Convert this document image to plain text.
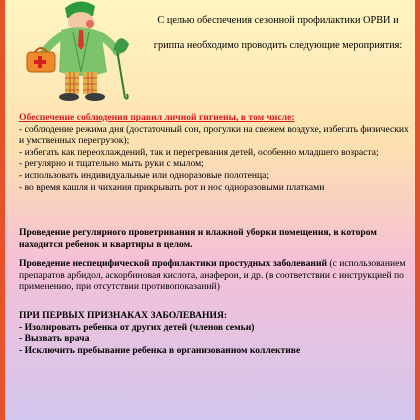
С целью обеспечения сезонной профилактики ОРВИ и

гриппа необходимо проводить следующие мероприятия:

Обеспечение соблюдения правил личной гигиены, в том числе:
- соблюдение режима дня (достаточный сон, прогулки на свежем воздухе, избегать физических и умственных перегрузок);
- избегать как переохлаждений, так и перегревания детей, особенно младшего возраста;
- регулярно и тщательно мыть руки с мылом;
- использовать индивидуальные или одноразовые полотенца;
- во время кашля и чихания прикрывать рот и нос одноразовыми платками
Проведение регулярного проветривания и влажной уборки помещения, в котором находится ребенок и квартиры в целом.
Проведение неспецифической профилактики простудных заболеваний (с использованием препаратов арбидол, аскорбиновая кислота, анаферон, и др. (в соответствии с инструкцией по применению, при отсутствии противопоказаний)
ПРИ ПЕРВЫХ ПРИЗНАКАХ ЗАБОЛЕВАНИЯ:
- Изолировать ребенка от других детей (членов семьи)
- Вызвать врача
- Исключить пребывание ребенка в организованном коллективе
